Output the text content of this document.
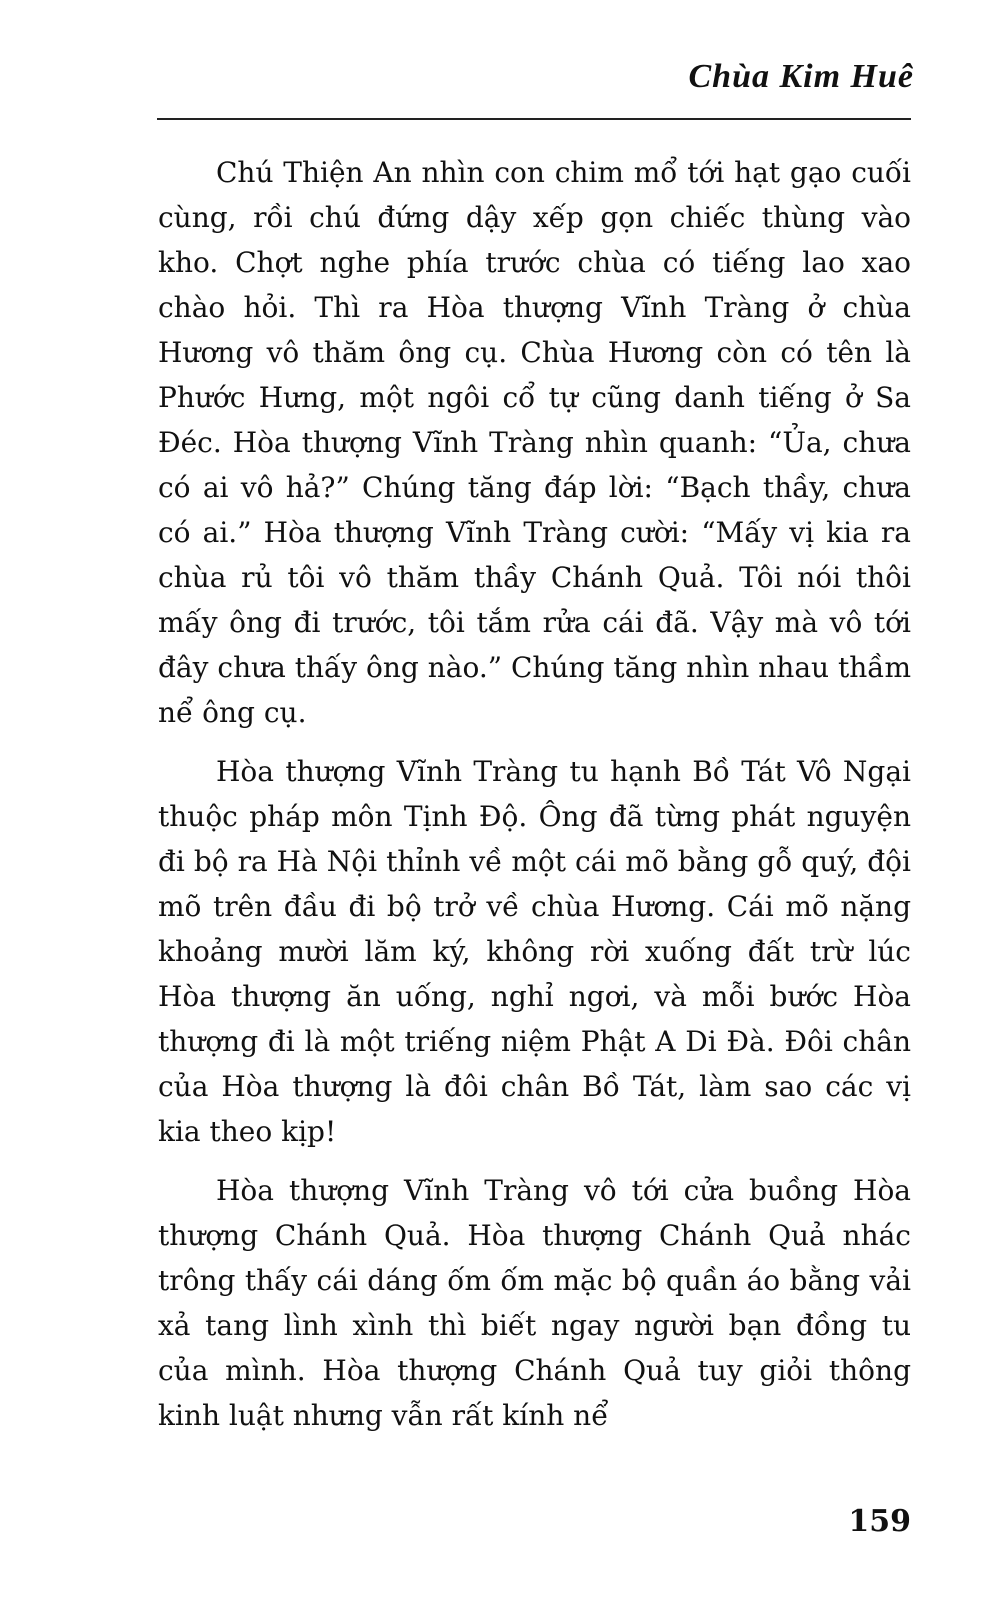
Chùa Kim Huê

Chú Thiện An nhìn con chim mổ tới hạt gạo cuối cùng, rồi chú đứng dậy xếp gọn chiếc thùng vào kho. Chợt nghe phía trước chùa có tiếng lao xao chào hỏi. Thì ra Hòa thượng Vĩnh Tràng ở chùa Hương vô thăm ông cụ. Chùa Hương còn có tên là Phước Hưng, một ngôi cổ tự cũng danh tiếng ở Sa Đéc. Hòa thượng Vĩnh Tràng nhìn quanh: “Ủa, chưa có ai vô hả?” Chúng tăng đáp lời: “Bạch thầy, chưa có ai.” Hòa thượng Vĩnh Tràng cười: “Mấy vị kia ra chùa rủ tôi vô thăm thầy Chánh Quả. Tôi nói thôi mấy ông đi trước, tôi tắm rửa cái đã. Vậy mà vô tới đây chưa thấy ông nào.” Chúng tăng nhìn nhau thầm nể ông cụ.

Hòa thượng Vĩnh Tràng tu hạnh Bồ Tát Vô Ngại thuộc pháp môn Tịnh Độ. Ông đã từng phát nguyện đi bộ ra Hà Nội thỉnh về một cái mõ bằng gỗ quý, đội mõ trên đầu đi bộ trở về chùa Hương. Cái mõ nặng khoảng mười lăm ký, không rời xuống đất trừ lúc Hòa thượng ăn uống, nghỉ ngơi, và mỗi bước Hòa thượng đi là một triếng niệm Phật A Di Đà. Đôi chân của Hòa thượng là đôi chân Bồ Tát, làm sao các vị kia theo kịp!

Hòa thượng Vĩnh Tràng vô tới cửa buồng Hòa thượng Chánh Quả. Hòa thượng Chánh Quả nhác trông thấy cái dáng ốm ốm mặc bộ quần áo bằng vải xả tang lình xình thì biết ngay người bạn đồng tu của mình. Hòa thượng Chánh Quả tuy giỏi thông kinh luật nhưng vẫn rất kính nể

159
